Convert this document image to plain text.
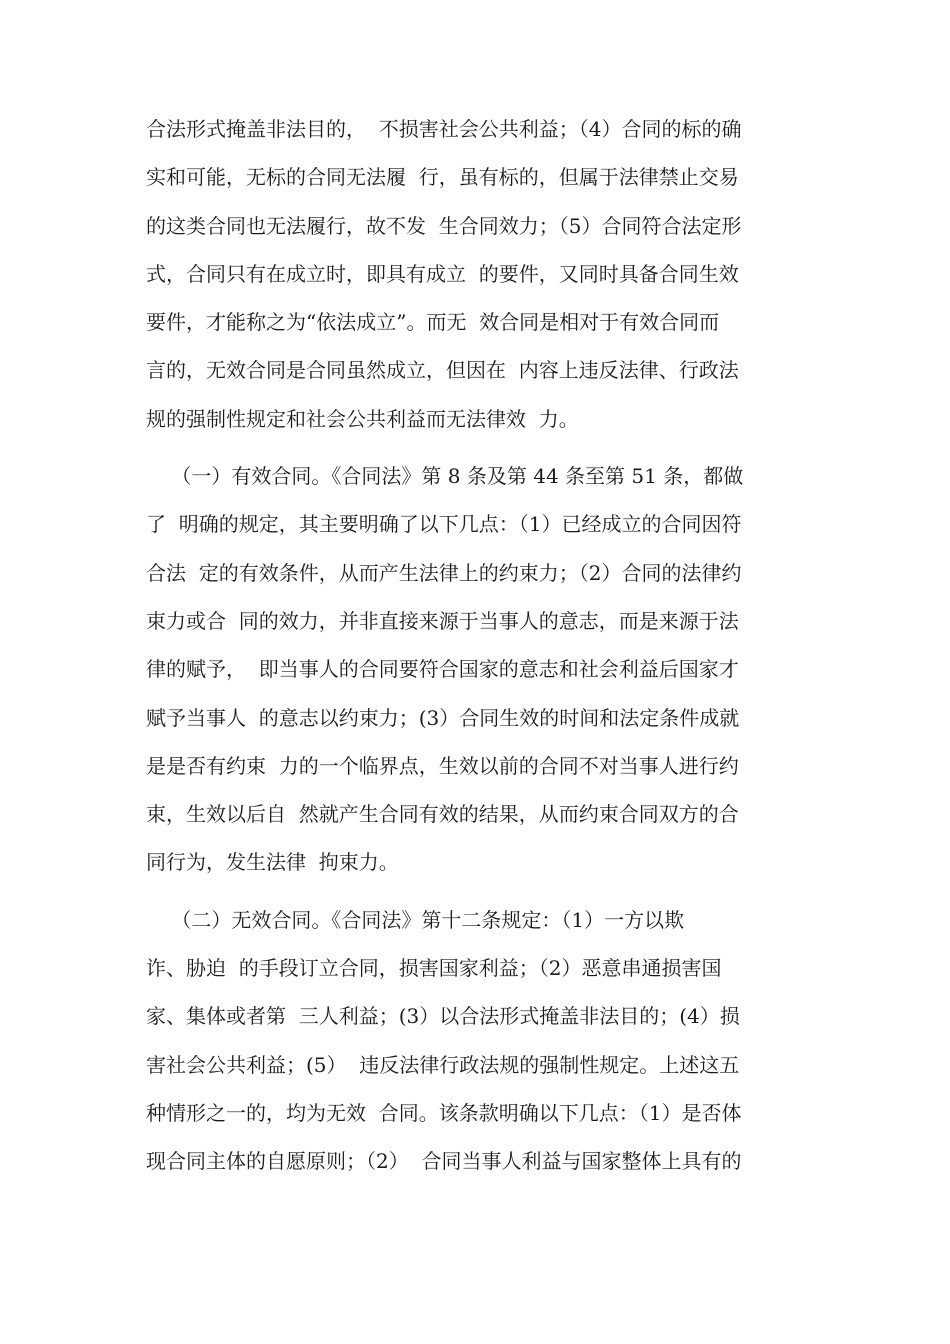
合法形式掩盖非法目的，  不损害社会公共利益；（4）合同的标的确
实和可能，无标的合同无法履  行，虽有标的，但属于法律禁止交易
的这类合同也无法履行，故不发  生合同效力；（5）合同符合法定形
式，合同只有在成立时，即具有成立  的要件，又同时具备合同生效
要件，才能称之为“依法成立”。而无  效合同是相对于有效合同而
言的，无效合同是合同虽然成立，但因在  内容上违反法律、行政法
规的强制性规定和社会公共利益而无法律效  力。
（一）有效合同。《合同法》第 8 条及第 44 条至第 51 条，都做
了  明确的规定，其主要明确了以下几点：（1）已经成立的合同因符
合法  定的有效条件，从而产生法律上的约束力；（2）合同的法律约
束力或合  同的效力，并非直接来源于当事人的意志，而是来源于法
律的赋予，  即当事人的合同要符合国家的意志和社会利益后国家才
赋予当事人  的意志以约束力；(3）合同生效的时间和法定条件成就
是是否有约束  力的一个临界点，生效以前的合同不对当事人进行约
束，生效以后自  然就产生合同有效的结果，从而约束合同双方的合
同行为，发生法律  拘束力。
（二）无效合同。《合同法》第十二条规定：（1）一方以欺
诈、胁迫  的手段订立合同，损害国家利益；（2）恶意串通损害国
家、集体或者第  三人利益；(3）以合法形式掩盖非法目的；(4）损
害社会公共利益；(5）  违反法律行政法规的强制性规定。上述这五
种情形之一的，均为无效  合同。该条款明确以下几点：（1）是否体
现合同主体的自愿原则；（2）  合同当事人利益与国家整体上具有的
